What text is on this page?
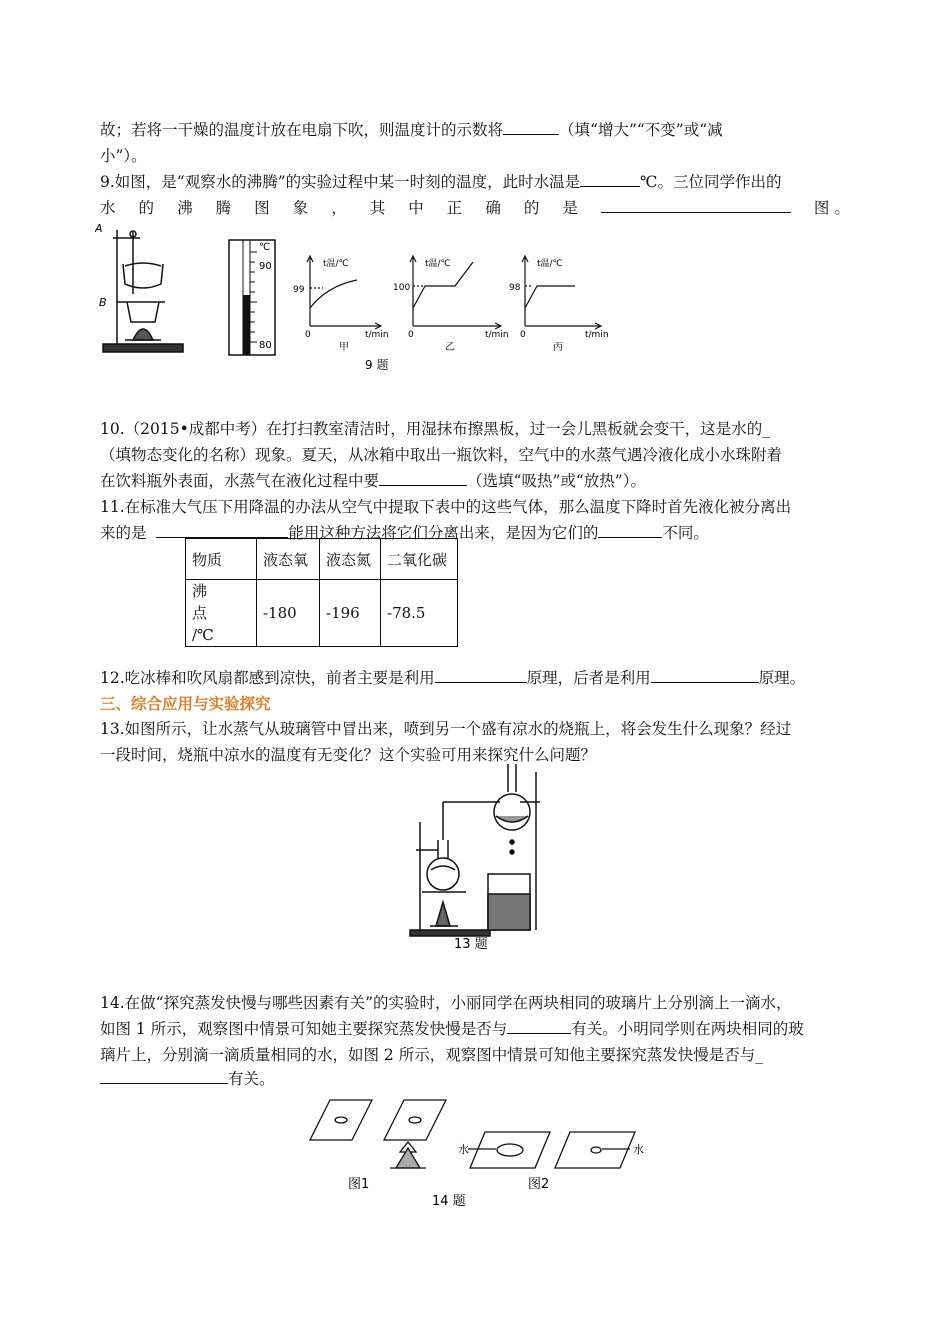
故；若将一干燥的温度计放在电扇下吹，则温度计的示数将	（填“增大”“不变”或“减
小”）。
9.如图，是“观察水的沸腾”的实验过程中某一时刻的温度，此时水温是	℃。三位同学作出的
水 的 沸 腾 图 象 ， 其 中 正 确 的 是	图 。
A
B
℃
90
80
t温/℃
99
0	t/min
甲
t温/℃
100
0	t/min
乙
t温/℃
98
0	t/min
丙
9 题
10.（2015•成都中考）在打扫教室清洁时，用湿抹布擦黑板，过一会儿黑板就会变干，这是水的_
（填物态变化的名称）现象。夏天，从冰箱中取出一瓶饮料，空气中的水蒸气遇冷液化成小水珠附着
在饮料瓶外表面，水蒸气在液化过程中要	（选填“吸热”或“放热”）。
11.在标准大气压下用降温的办法从空气中提取下表中的这些气体，那么温度下降时首先液化被分离出
来的是	能用这种方法将它们分离出来，是因为它们的	不同。
物质	液态氧	液态氮	二氧化碳

沸　　点
/℃	-180	-196	-78.5
12.吃冰棒和吹风扇都感到凉快，前者主要是利用	原理，后者是利用	原理。
三、综合应用与实验探究
13.如图所示，让水蒸气从玻璃管中冒出来，喷到另一个盛有凉水的烧瓶上，将会发生什么现象？经过
一段时间，烧瓶中凉水的温度有无变化？这个实验可用来探究什么问题？
13 题
14.在做“探究蒸发快慢与哪些因素有关”的实验时，小丽同学在两块相同的玻璃片上分别滴上一滴水，
如图 1 所示，观察图中情景可知她主要探究蒸发快慢是否与	有关。小明同学则在两块相同的玻
璃片上，分别滴一滴质量相同的水，如图 2 所示，观察图中情景可知他主要探究蒸发快慢是否与_
有关。
水	水
图1	图2
14 题
